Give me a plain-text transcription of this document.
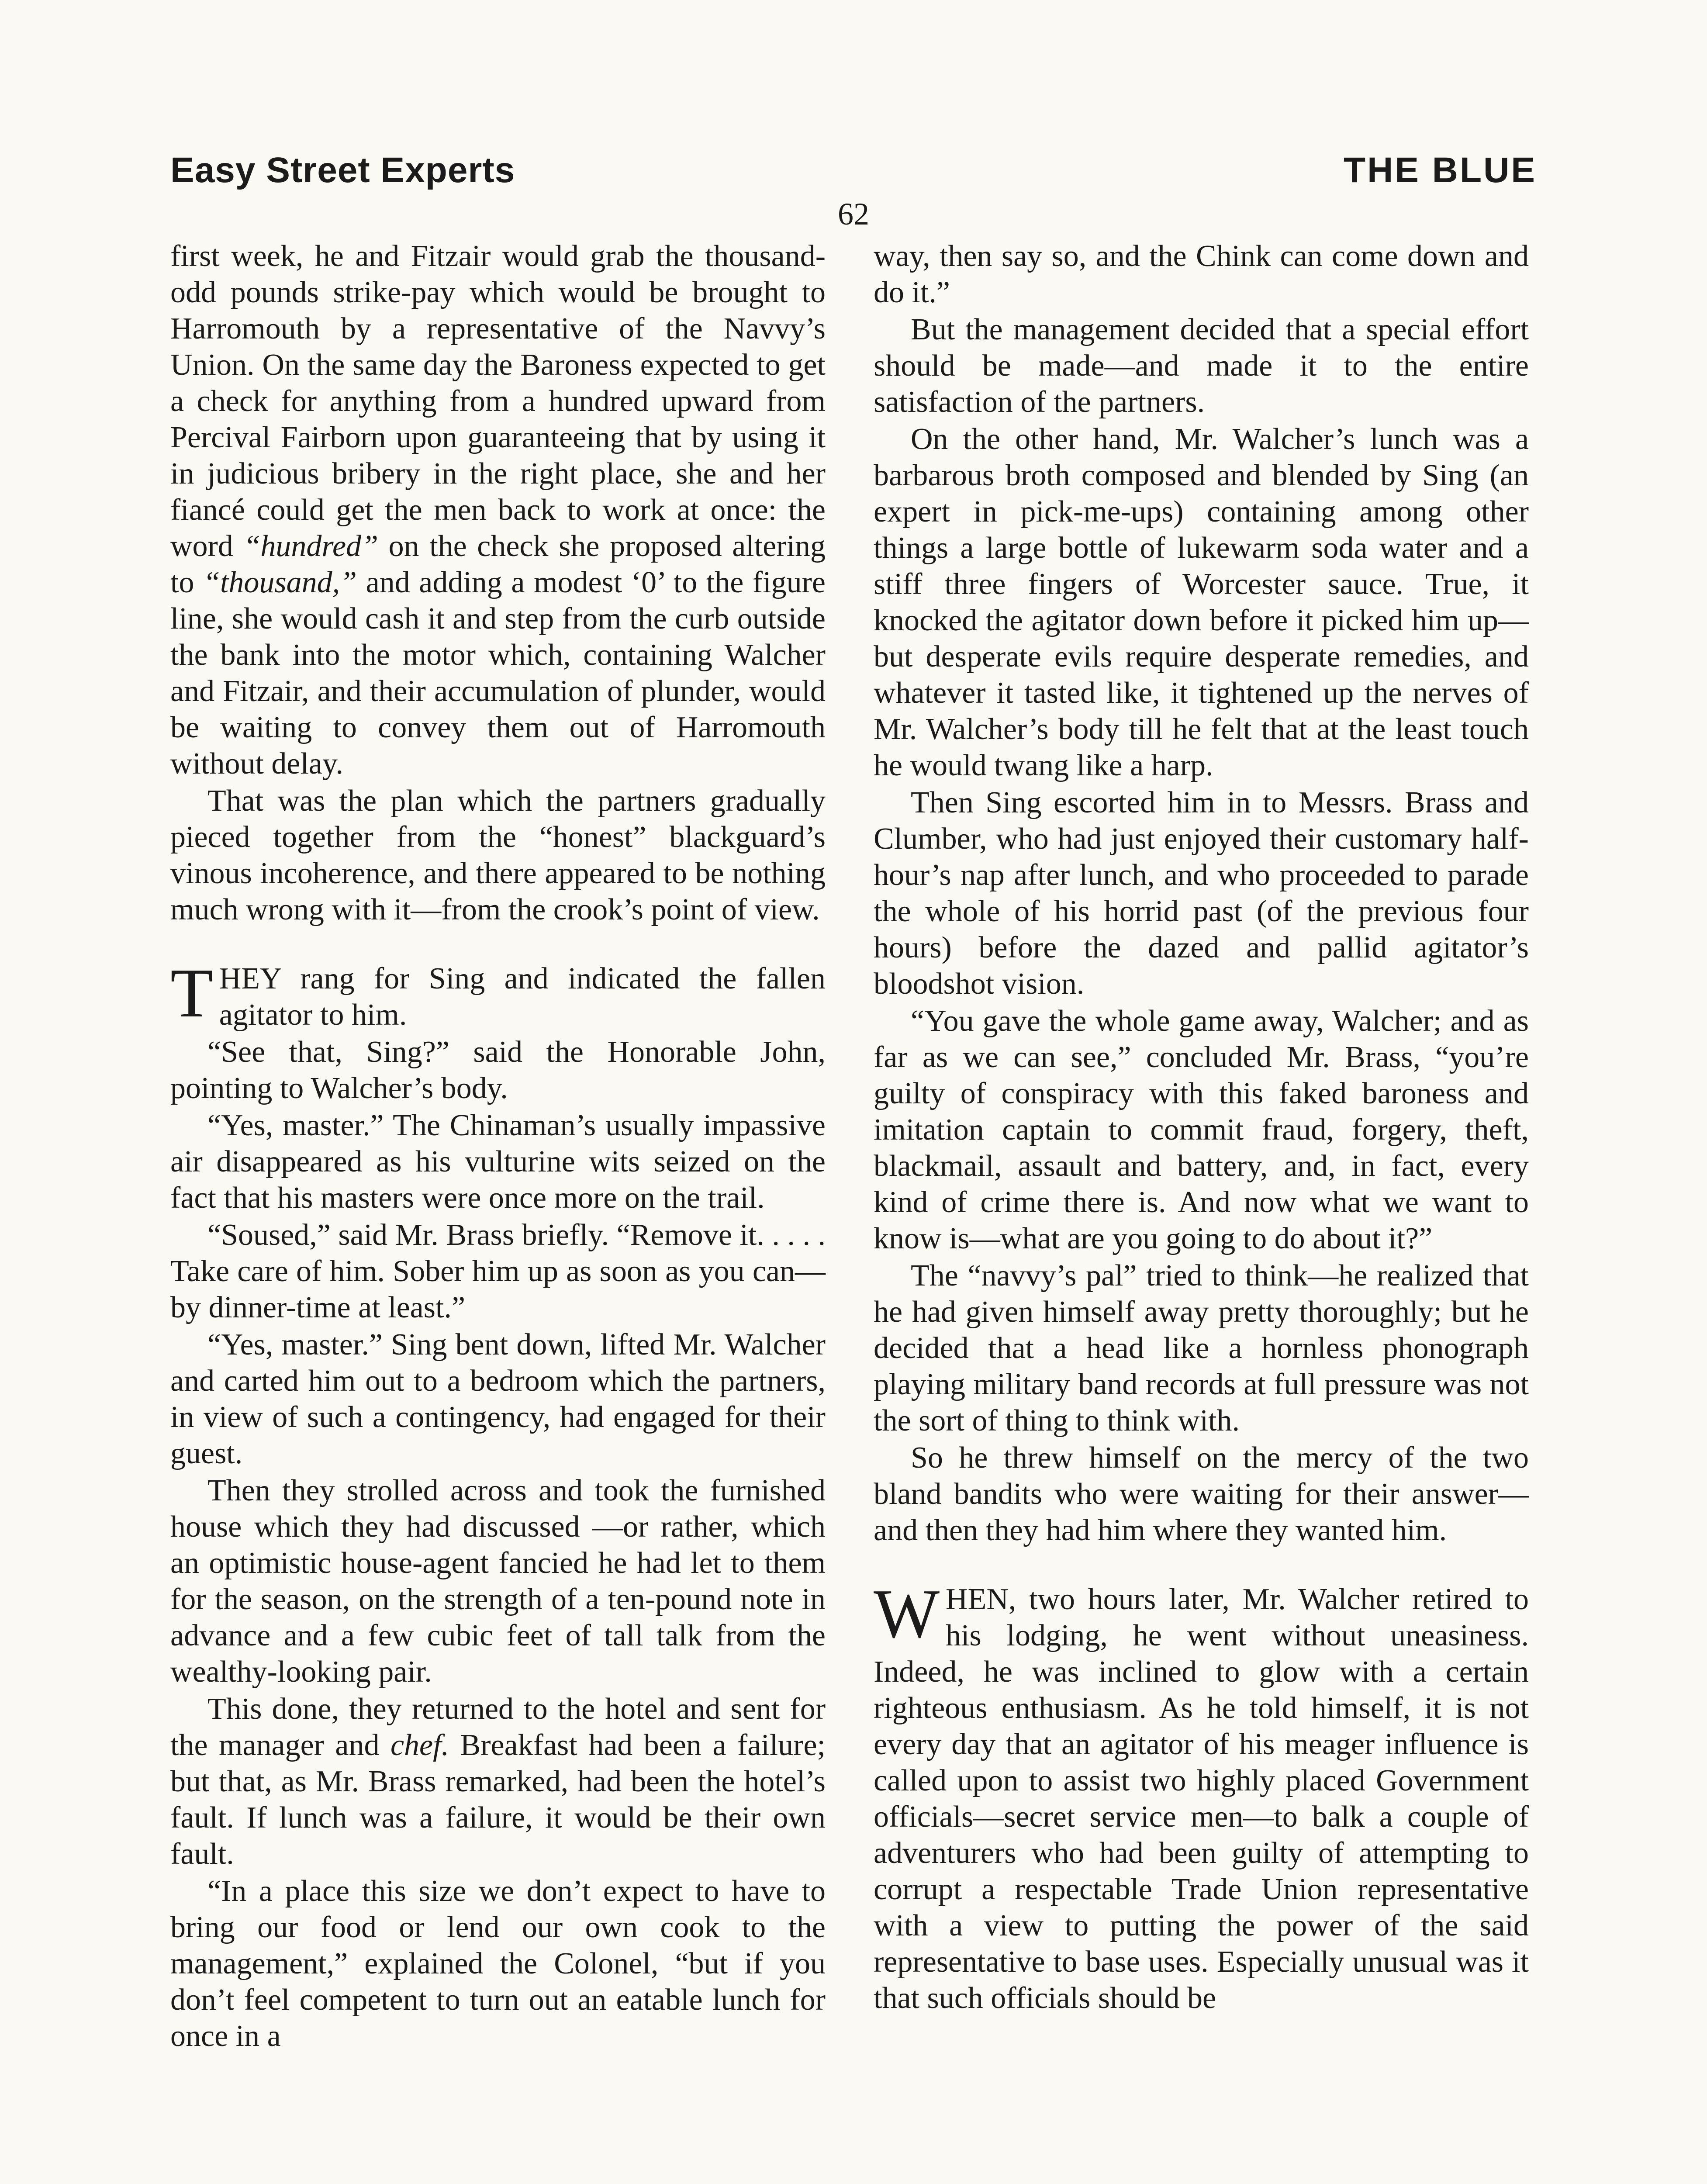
Easy Street Experts	THE BLUE
62

first week, he and Fitzair would grab the thousand-odd pounds strike-pay which would be brought to Harromouth by a representative of the Navvy’s Union. On the same day the Baroness expected to get a check for anything from a hundred upward from Percival Fairborn upon guaranteeing that by using it in judicious bribery in the right place, she and her fiancé could get the men back to work at once: the word “hundred” on the check she proposed altering to “thousand,” and adding a modest ‘0’ to the figure line, she would cash it and step from the curb outside the bank into the motor which, containing Walcher and Fitzair, and their accumulation of plunder, would be waiting to convey them out of Harromouth without delay.

That was the plan which the partners gradually pieced together from the “honest” blackguard’s vinous incoherence, and there appeared to be nothing much wrong with it—from the crook’s point of view.

THEY rang for Sing and indicated the fallen agitator to him.

“See that, Sing?” said the Honorable John, pointing to Walcher’s body.

“Yes, master.” The Chinaman’s usually impassive air disappeared as his vulturine wits seized on the fact that his masters were once more on the trail.

“Soused,” said Mr. Brass briefly. “Remove it. . . . . Take care of him. Sober him up as soon as you can—by dinner-time at least.”

“Yes, master.” Sing bent down, lifted Mr. Walcher and carted him out to a bedroom which the partners, in view of such a contingency, had engaged for their guest.

Then they strolled across and took the furnished house which they had discussed —or rather, which an optimistic house-agent fancied he had let to them for the season, on the strength of a ten-pound note in advance and a few cubic feet of tall talk from the wealthy-looking pair.

This done, they returned to the hotel and sent for the manager and chef. Breakfast had been a failure; but that, as Mr. Brass remarked, had been the hotel’s fault. If lunch was a failure, it would be their own fault.

“In a place this size we don’t expect to have to bring our food or lend our own cook to the management,” explained the Colonel, “but if you don’t feel competent to turn out an eatable lunch for once in a

way, then say so, and the Chink can come down and do it.”

But the management decided that a special effort should be made—and made it to the entire satisfaction of the partners.

On the other hand, Mr. Walcher’s lunch was a barbarous broth composed and blended by Sing (an expert in pick-me-ups) containing among other things a large bottle of lukewarm soda water and a stiff three fingers of Worcester sauce. True, it knocked the agitator down before it picked him up—but desperate evils require desperate remedies, and whatever it tasted like, it tightened up the nerves of Mr. Walcher’s body till he felt that at the least touch he would twang like a harp.

Then Sing escorted him in to Messrs. Brass and Clumber, who had just enjoyed their customary half-hour’s nap after lunch, and who proceeded to parade the whole of his horrid past (of the previous four hours) before the dazed and pallid agitator’s bloodshot vision.

“You gave the whole game away, Walcher; and as far as we can see,” concluded Mr. Brass, “you’re guilty of conspiracy with this faked baroness and imitation captain to commit fraud, forgery, theft, blackmail, assault and battery, and, in fact, every kind of crime there is. And now what we want to know is—what are you going to do about it?”

The “navvy’s pal” tried to think—he realized that he had given himself away pretty thoroughly; but he decided that a head like a hornless phonograph playing military band records at full pressure was not the sort of thing to think with.

So he threw himself on the mercy of the two bland bandits who were waiting for their answer—and then they had him where they wanted him.

WHEN, two hours later, Mr. Walcher retired to his lodging, he went without uneasiness. Indeed, he was inclined to glow with a certain righteous enthusiasm. As he told himself, it is not every day that an agitator of his meager influence is called upon to assist two highly placed Government officials—secret service men—to balk a couple of adventurers who had been guilty of attempting to corrupt a respectable Trade Union representative with a view to putting the power of the said representative to base uses. Especially unusual was it that such officials should be
